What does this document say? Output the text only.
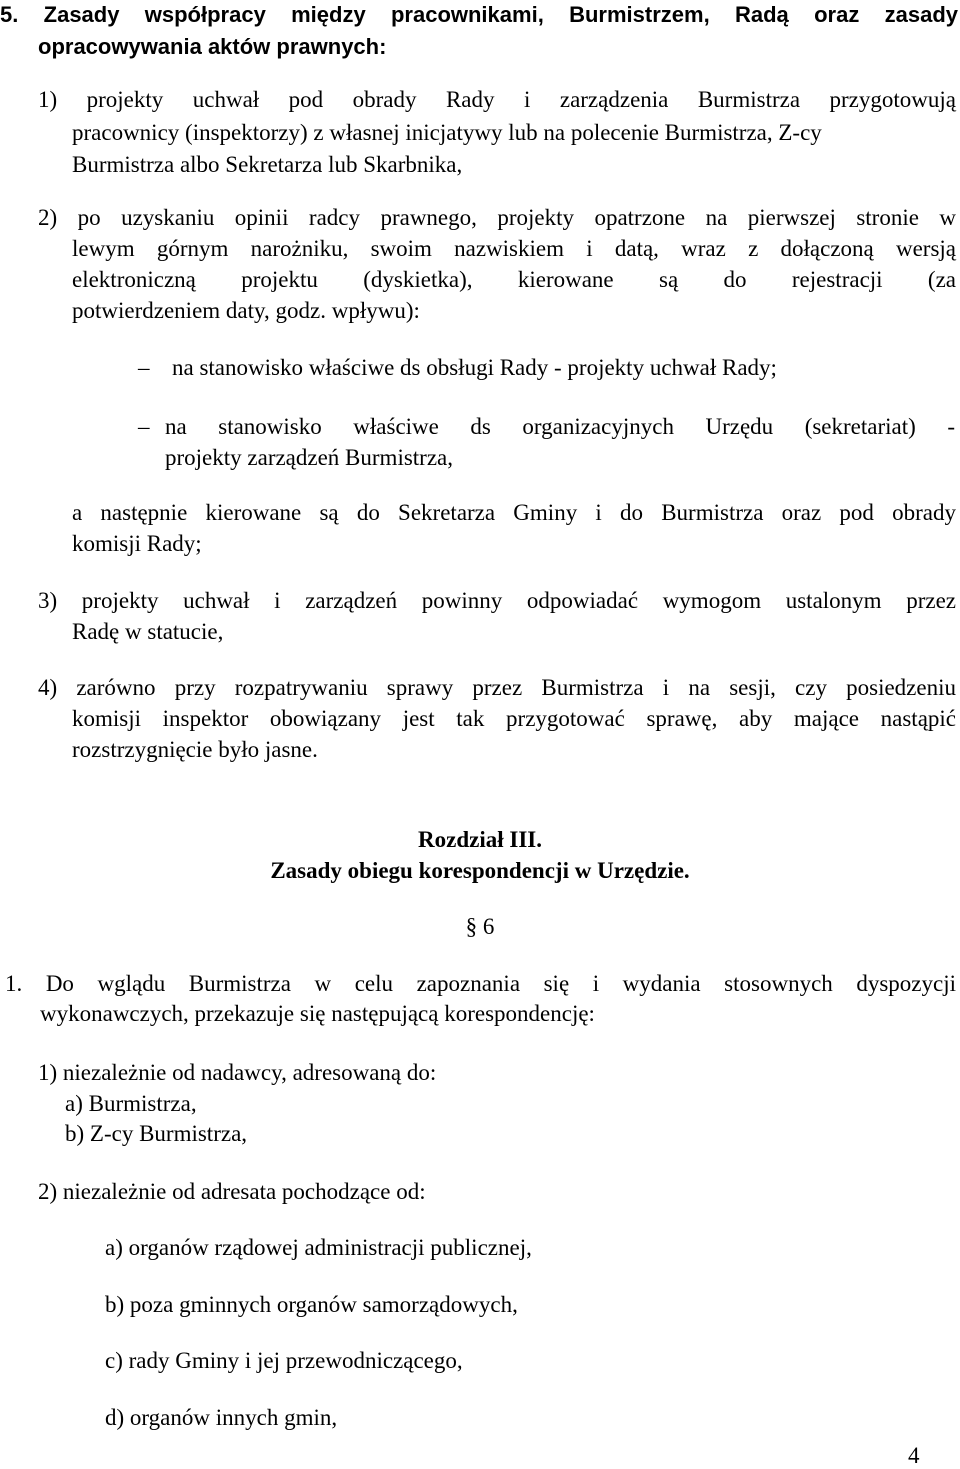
5. Zasady współpracy między pracownikami, Burmistrzem, Radą oraz zasady
opracowywania aktów prawnych:
1) projekty uchwał pod obrady Rady i zarządzenia Burmistrza przygotowują
pracownicy (inspektorzy) z własnej inicjatywy lub na polecenie Burmistrza, Z-cy
Burmistrza albo Sekretarza lub Skarbnika,
2) po uzyskaniu opinii radcy prawnego, projekty opatrzone na pierwszej stronie w
lewym górnym narożniku, swoim nazwiskiem i datą, wraz z dołączoną wersją
elektroniczną projektu (dyskietka), kierowane są do rejestracji (za
potwierdzeniem daty, godz. wpływu):
– na stanowisko właściwe ds obsługi Rady - projekty uchwał Rady;
– na stanowisko właściwe ds organizacyjnych Urzędu (sekretariat) -
projekty zarządzeń Burmistrza,
a następnie kierowane są do Sekretarza Gminy i do Burmistrza oraz pod obrady
komisji Rady;
3) projekty uchwał i zarządzeń powinny odpowiadać wymogom ustalonym przez
Radę w statucie,
4) zarówno przy rozpatrywaniu sprawy przez Burmistrza i na sesji, czy posiedzeniu
komisji inspektor obowiązany jest tak przygotować sprawę, aby mające nastąpić
rozstrzygnięcie było jasne.
Rozdział III.
Zasady obiegu korespondencji w Urzędzie.
§ 6
1. Do wglądu Burmistrza w celu zapoznania się i wydania stosownych dyspozycji
wykonawczych, przekazuje się następującą korespondencję:
1) niezależnie od nadawcy, adresowaną do:
a) Burmistrza,
b) Z-cy Burmistrza,
2) niezależnie od adresata pochodzące od:
a) organów rządowej administracji publicznej,
b) poza gminnych organów samorządowych,
c) rady Gminy i jej przewodniczącego,
d) organów innych gmin,
4
